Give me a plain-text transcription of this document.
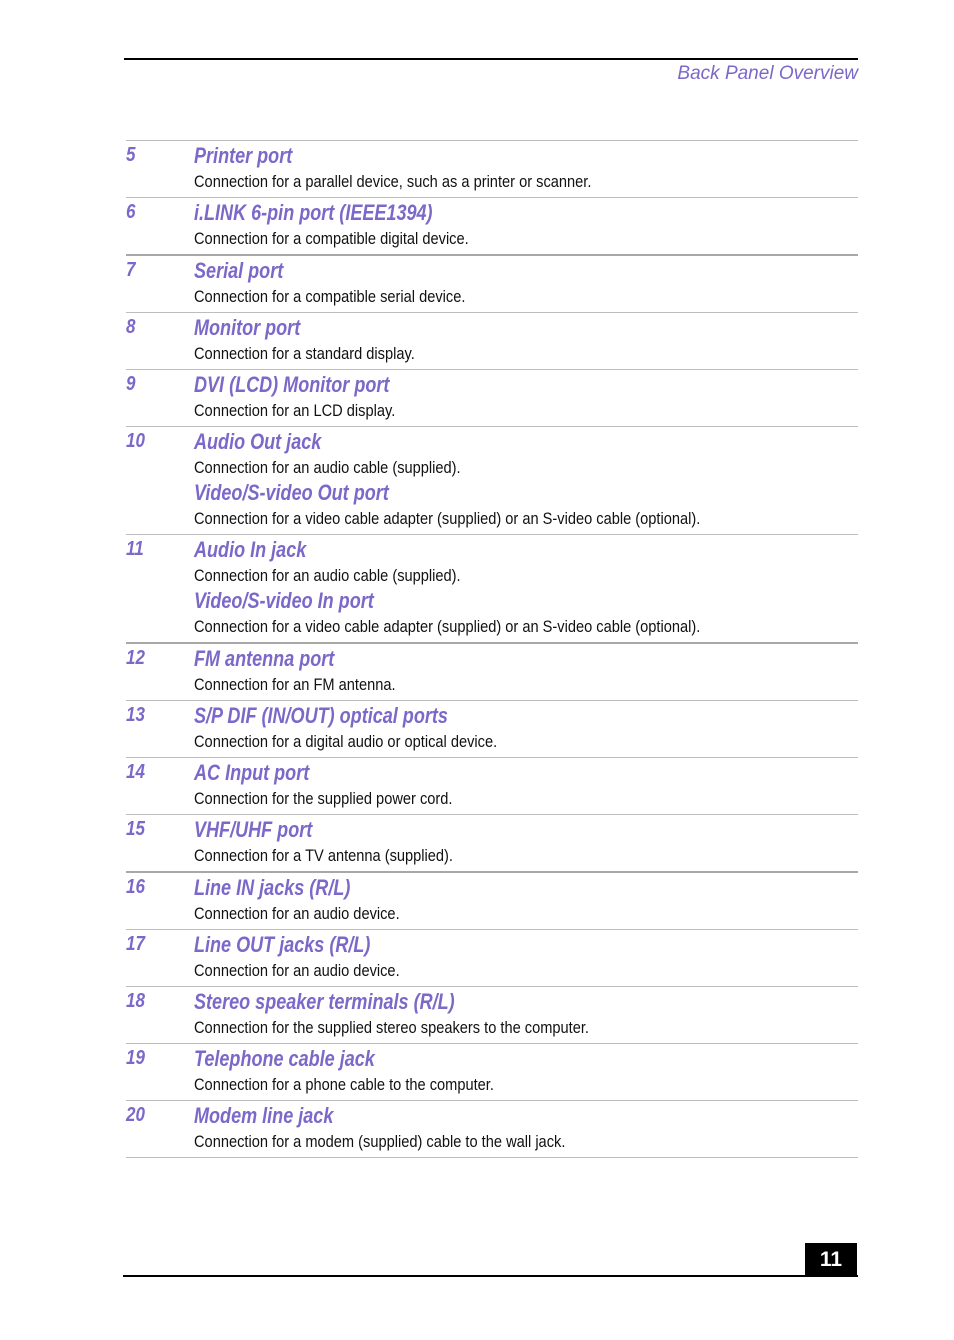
Back Panel Overview
5	Printer port
Connection for a parallel device, such as a printer or scanner.
6	i.LINK 6-pin port (IEEE1394)
Connection for a compatible digital device.
7	Serial port
Connection for a compatible serial device.
8	Monitor port
Connection for a standard display.
9	DVI (LCD) Monitor port
Connection for an LCD display.
10 Audio Out jack
Connection for an audio cable (supplied).
Video/S-video Out port
Connection for a video cable adapter (supplied) or an S-video cable (optional).
11 Audio In jack
Connection for an audio cable (supplied).
Video/S-video In port
Connection for a video cable adapter (supplied) or an S-video cable (optional).
12 FM antenna port
Connection for an FM antenna.
13 S/P DIF (IN/OUT) optical ports
Connection for a digital audio or optical device.
14 AC Input port
Connection for the supplied power cord.
15 VHF/UHF port
Connection for a TV antenna (supplied).
16 Line IN jacks (R/L)
Connection for an audio device.
17 Line OUT jacks (R/L)
Connection for an audio device.
18 Stereo speaker terminals (R/L)
Connection for the supplied stereo speakers to the computer.
19 Telephone cable jack
Connection for a phone cable to the computer.
20 Modem line jack
Connection for a modem (supplied) cable to the wall jack.
11
